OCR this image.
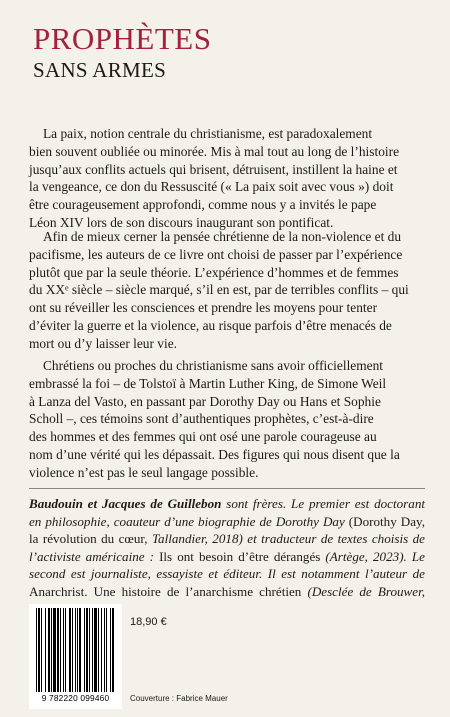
PROPHÈTES
SANS ARMES

La paix, notion centrale du christianisme, est paradoxalement
bien souvent oubliée ou minorée. Mis à mal tout au long de l’histoire
jusqu’aux conflits actuels qui brisent, détruisent, instillent la haine et
la vengeance, ce don du Ressuscité (« La paix soit avec vous ») doit
être courageusement approfondi, comme nous y a invités le pape
Léon XIV lors de son discours inaugurant son pontificat.

Afin de mieux cerner la pensée chrétienne de la non-violence et du
pacifisme, les auteurs de ce livre ont choisi de passer par l’expérience
plutôt que par la seule théorie. L’expérience d’hommes et de femmes
du XXᵉ siècle – siècle marqué, s’il en est, par de terribles conflits – qui
ont su réveiller les consciences et prendre les moyens pour tenter
d’éviter la guerre et la violence, au risque parfois d’être menacés de
mort ou d’y laisser leur vie.

Chrétiens ou proches du christianisme sans avoir officiellement
embrassé la foi – de Tolstoï à Martin Luther King, de Simone Weil
à Lanza del Vasto, en passant par Dorothy Day ou Hans et Sophie
Scholl –, ces témoins sont d’authentiques prophètes, c’est-à-dire
des hommes et des femmes qui ont osé une parole courageuse au
nom d’une vérité qui les dépassait. Des figures qui nous disent que la
violence n’est pas le seul langage possible.

Baudouin et Jacques de Guillebon sont frères. Le premier est doctorant en philosophie, coauteur d’une biographie de Dorothy Day (Dorothy Day, la révolution du cœur, Tallandier, 2018) et traducteur de textes choisis de l’activiste américaine : Ils ont besoin d’être dérangés (Artège, 2023). Le second est journaliste, essayiste et éditeur. Il est notamment l’auteur de Anarchrist. Une histoire de l’anarchisme chrétien (Desclée de Brouwer,

9 782220 099460
18,90 €
Couverture : Fabrice Mauer
